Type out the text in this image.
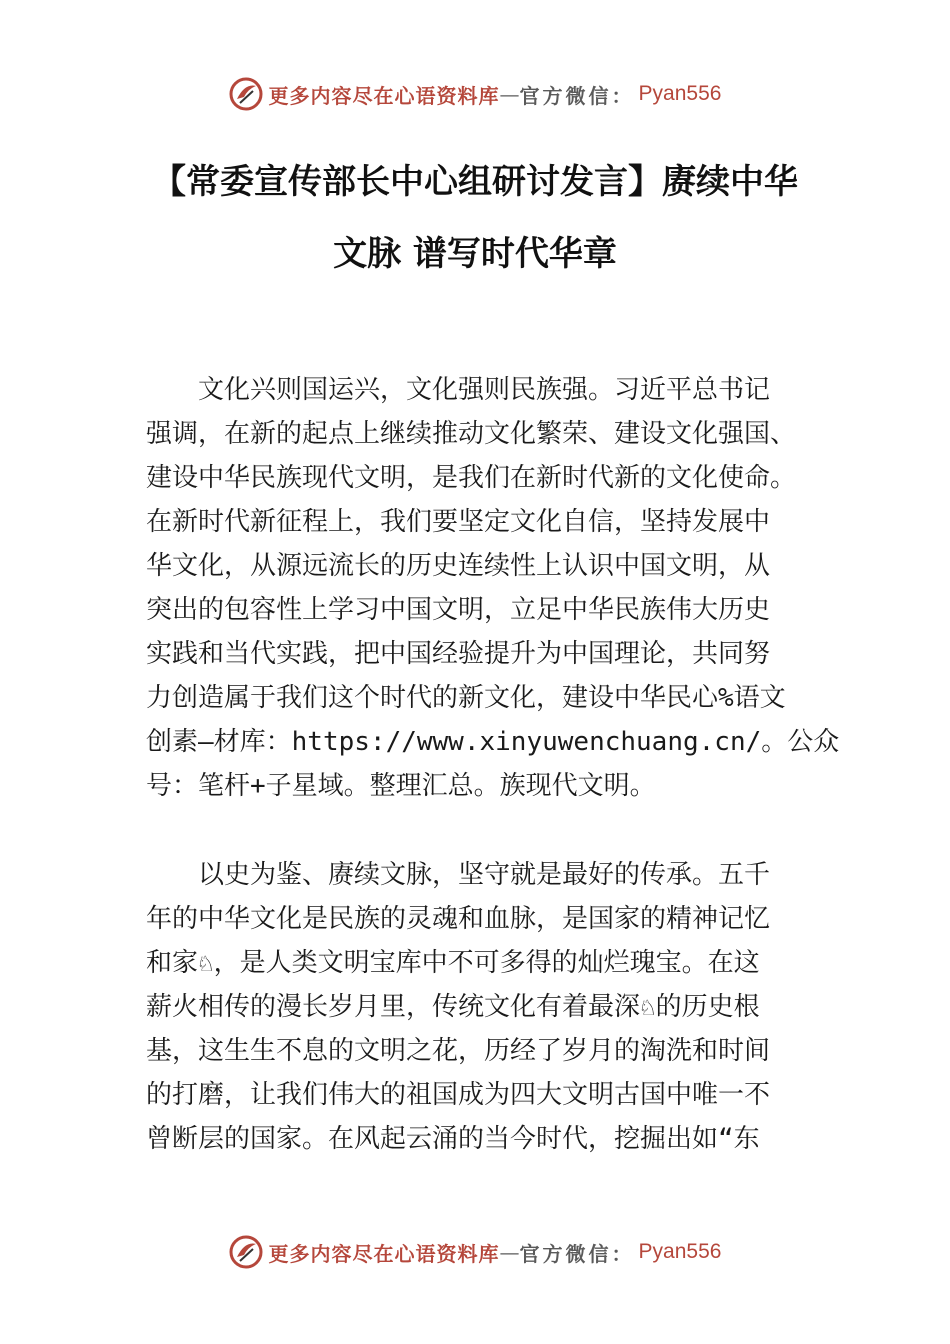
更多内容尽在心语资料库 — 官方微信： Pyan556
【常委宣传部长中心组研讨发言】赓续中华
文脉 谱写时代华章
文化兴则国运兴，文化强则民族强。习近平总书记
强调，在新的起点上继续推动文化繁荣、建设文化强国、
建设中华民族现代文明，是我们在新时代新的文化使命。
在新时代新征程上，我们要坚定文化自信，坚持发展中
华文化，从源远流长的历史连续性上认识中国文明，从
突出的包容性上学习中国文明，立足中华民族伟大历史
实践和当代实践，把中国经验提升为中国理论，共同努
力创造属于我们这个时代的新文化，建设中华民心%语文
创素—材库：https://www.xinyuwenchuang.cn/。公众
号：笔杆+子星域。整理汇总。族现代文明。
以史为鉴、赓续文脉，坚守就是最好的传承。五千
年的中华文化是民族的灵魂和血脉，是国家的精神记忆
和家♘，是人类文明宝库中不可多得的灿烂瑰宝。在这
薪火相传的漫长岁月里，传统文化有着最深♘的历史根
基，这生生不息的文明之花，历经了岁月的淘洗和时间
的打磨，让我们伟大的祖国成为四大文明古国中唯一不
曾断层的国家。在风起云涌的当今时代，挖掘出如“东
更多内容尽在心语资料库 — 官方微信： Pyan556
